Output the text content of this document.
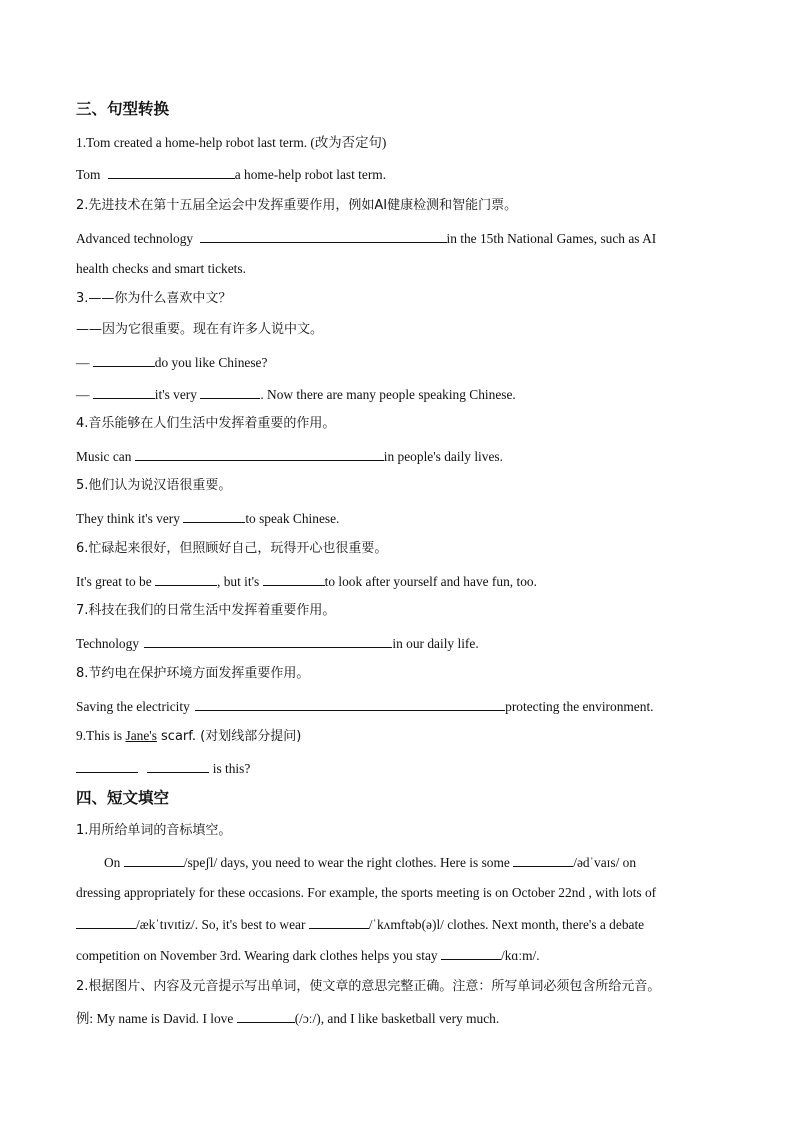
三、句型转换
1.Tom created a home-help robot last term. (改为否定句)
Tom	a home-help robot last term.
2.先进技术在第十五届全运会中发挥重要作用，例如AI健康检测和智能门票。
Advanced technology	in the 15th National Games, such as AI
health checks and smart tickets.
3.——你为什么喜欢中文？
——因为它很重要。现在有许多人说中文。
—	do you like Chinese?
—	it's very	. Now there are many people speaking Chinese.
4.音乐能够在人们生活中发挥着重要的作用。
Music can	in people's daily lives.
5.他们认为说汉语很重要。
They think it's very	to speak Chinese.
6.忙碌起来很好，但照顾好自己，玩得开心也很重要。
It's great to be	, but it's	to look after yourself and have fun, too.
7.科技在我们的日常生活中发挥着重要作用。
Technology	in our daily life.
8.节约电在保护环境方面发挥重要作用。
Saving the electricity	protecting the environment.
9.This is Jane's scarf. (对划线部分提问)
is this?
四、短文填空
1.用所给单词的音标填空。
On	/speʃl/ days, you need to wear the right clothes. Here is some	/ədˈvaɪs/ on
dressing appropriately for these occasions. For example, the sports meeting is on October 22nd , with lots of
/ækˈtɪvɪtiz/. So, it's best to wear	/ˈkʌmftəb(ə)l/ clothes. Next month, there's a debate
competition on November 3rd. Wearing dark clothes helps you stay	/kɑːm/.
2.根据图片、内容及元音提示写出单词，使文章的意思完整正确。注意：所写单词必须包含所给元音。
例: My name is David. I love	(/ɔː/), and I like basketball very much.
